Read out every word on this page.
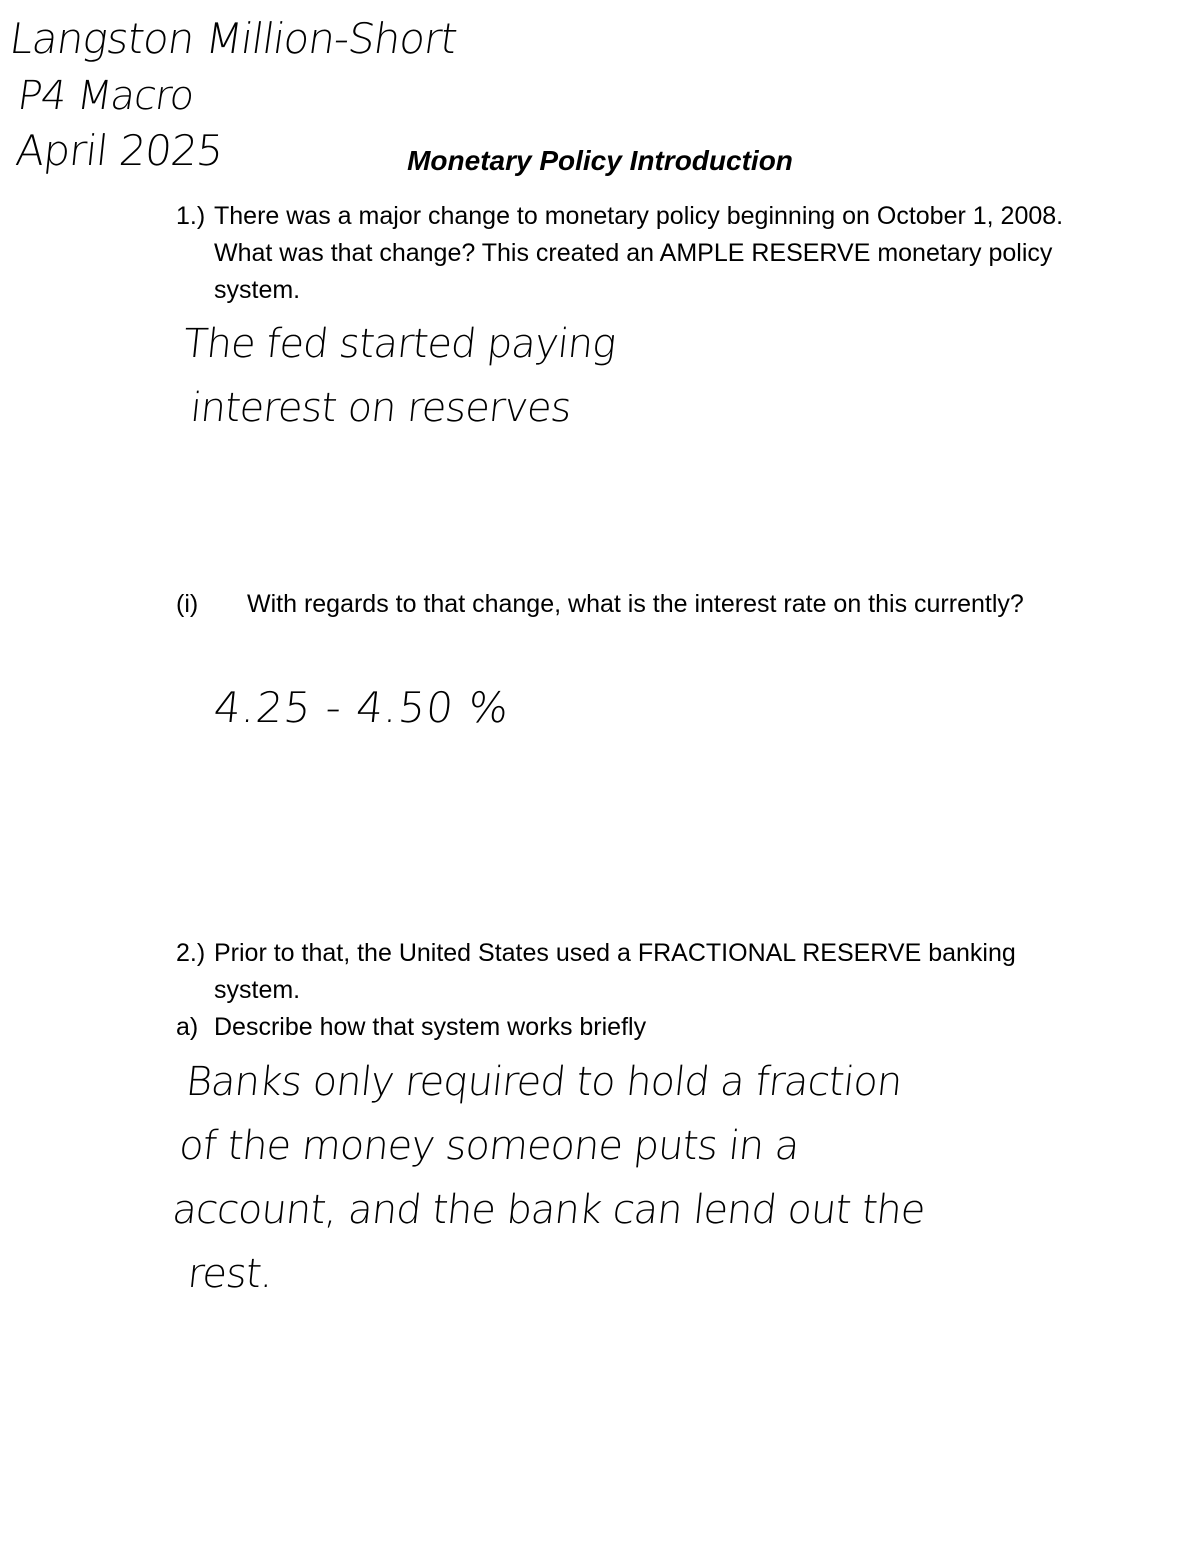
Langston Million-Short
P4 Macro
April 2025	Monetary Policy Introduction
1.) There was a major change to monetary policy beginning on October 1, 2008. What was that change? This created an AMPLE RESERVE monetary policy system.
The fed started paying
interest on reserves
(i)	With regards to that change, what is the interest rate on this currently?
4.25 - 4.50 %
2.) Prior to that, the United States used a FRACTIONAL RESERVE banking system.
a) Describe how that system works briefly
Banks only required to hold a fraction
of the money someone puts in a
account, and the bank can lend out the
rest.
